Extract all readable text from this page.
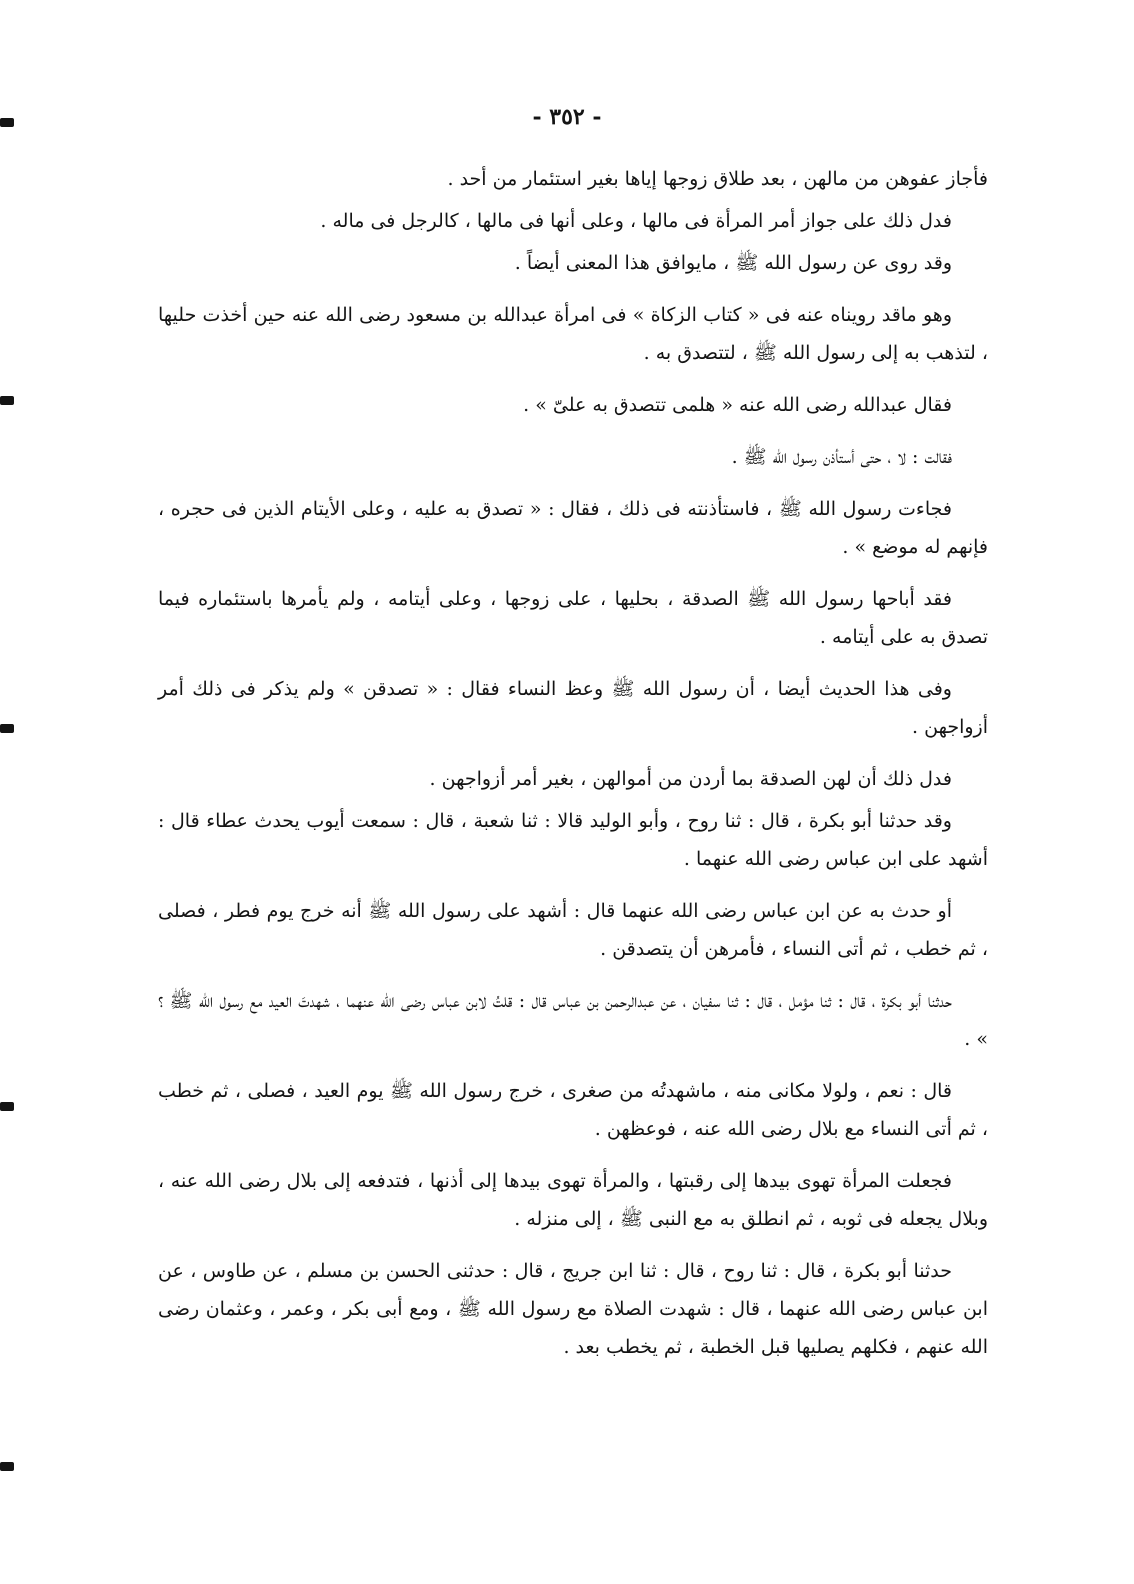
- ٣٥٢ -

فأجاز عفوهن من مالهن ، بعد طلاق زوجها إياها بغير استئمار من أحد .

فدل ذلك على جواز أمر المرأة فى مالها ، وعلى أنها فى مالها ، كالرجل فى ماله .

وقد روى عن رسول الله ﷺ ، مايوافق هذا المعنى أيضاً .

وهو ماقد رويناه عنه فى « كتاب الزكاة » فى امرأة عبدالله بن مسعود رضى الله عنه حين أخذت حليها ، لتذهب به إلى رسول الله ﷺ ، لتتصدق به .

فقال عبدالله رضى الله عنه « هلمى تتصدق به علىّ » .

فقالت : لا ، حتى أستأذن رسول الله ﷺ .

فجاءت رسول الله ﷺ ، فاستأذنته فى ذلك ، فقال : « تصدق به عليه ، وعلى الأيتام الذين فى حجره ، فإنهم له موضع » .

فقد أباحها رسول الله ﷺ الصدقة ، بحليها ، على زوجها ، وعلى أيتامه ، ولم يأمرها باستئماره فيما تصدق به على أيتامه .

وفى هذا الحديث أيضا ، أن رسول الله ﷺ وعظ النساء فقال : « تصدقن » ولم يذكر فى ذلك أمر أزواجهن .

فدل ذلك أن لهن الصدقة بما أردن من أموالهن ، بغير أمر أزواجهن .

وقد حدثنا أبو بكرة ، قال : ثنا روح ، وأبو الوليد قالا : ثنا شعبة ، قال : سمعت أيوب يحدث عطاء قال : أشهد على ابن عباس رضى الله عنهما .

أو حدث به عن ابن عباس رضى الله عنهما قال : أشهد على رسول الله ﷺ أنه خرج يوم فطر ، فصلى ، ثم خطب ، ثم أتى النساء ، فأمرهن أن يتصدقن .

حدثنا أبو بكرة ، قال : ثنا مؤمل ، قال : ثنا سفيان ، عن عبدالرحمن بن عباس قال : قلتُ لابن عباس رضى الله عنهما ، شهدتَ العيد مع رسول الله ﷺ ؟ » .

قال : نعم ، ولولا مكانى منه ، ماشهدتُه من صغرى ، خرج رسول الله ﷺ يوم العيد ، فصلى ، ثم خطب ، ثم أتى النساء مع بلال رضى الله عنه ، فوعظهن .

فجعلت المرأة تهوى بيدها إلى رقبتها ، والمرأة تهوى بيدها إلى أذنها ، فتدفعه إلى بلال رضى الله عنه ، وبلال يجعله فى ثوبه ، ثم انطلق به مع النبى ﷺ ، إلى منزله .

حدثنا أبو بكرة ، قال : ثنا روح ، قال : ثنا ابن جريج ، قال : حدثنى الحسن بن مسلم ، عن طاوس ، عن ابن عباس رضى الله عنهما ، قال : شهدت الصلاة مع رسول الله ﷺ ، ومع أبى بكر ، وعمر ، وعثمان رضى الله عنهم ، فكلهم يصليها قبل الخطبة ، ثم يخطب بعد .
